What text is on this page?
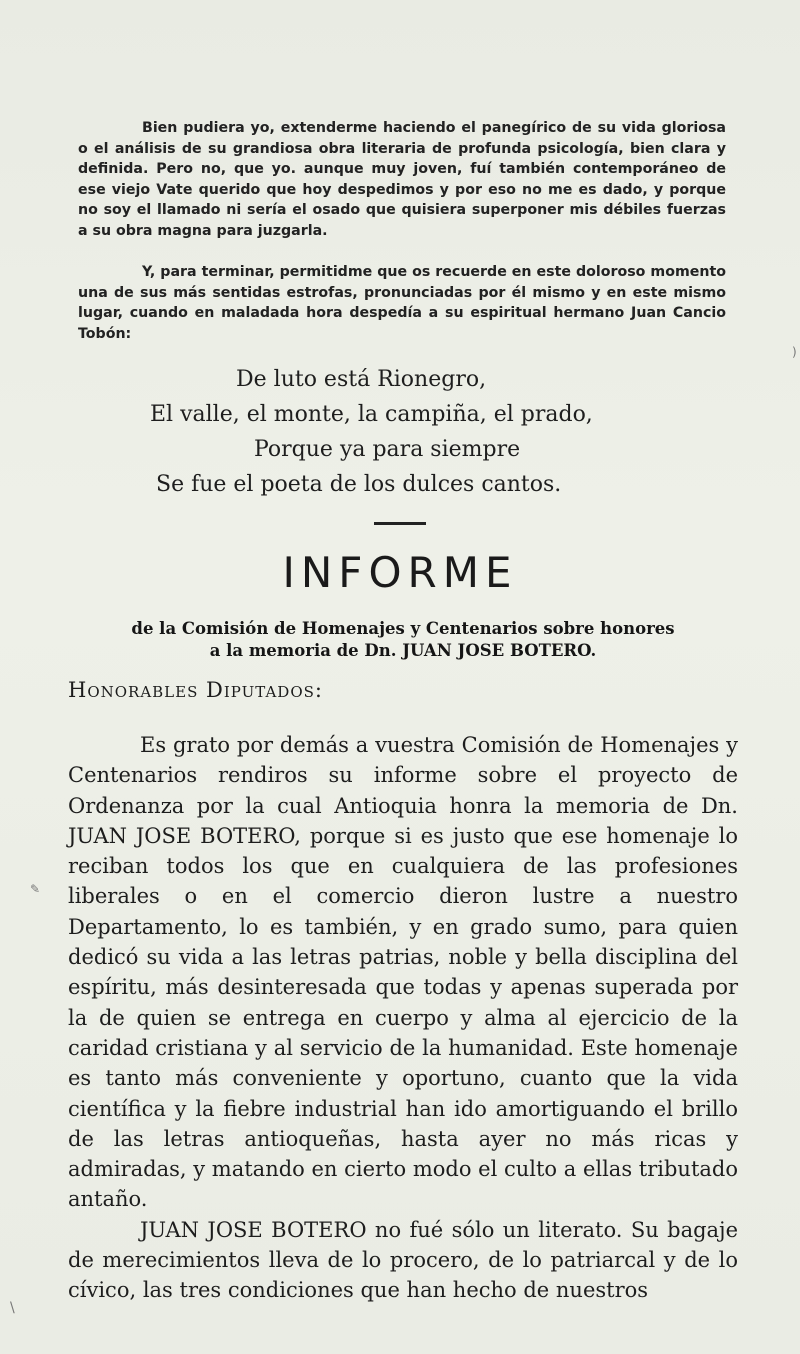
Bien pudiera yo, extenderme haciendo el panegírico de su vida gloriosa o el análisis de su grandiosa obra literaria de profunda psicología, bien clara y definida. Pero no, que yo. aunque muy joven, fuí también contemporáneo de ese viejo Vate querido que hoy despedimos y por eso no me es dado, y porque no soy el llamado ni sería el osado que quisiera superponer mis débiles fuerzas a su obra magna para juzgarla.

Y, para terminar, permitidme que os recuerde en este doloroso momento una de sus más sentidas estrofas, pronunciadas por él mismo y en este mismo lugar, cuando en maladada hora despedía a su espiritual hermano Juan Cancio Tobón:

De luto está Rionegro,
El valle, el monte, la campiña, el prado,
Porque ya para siempre
Se fue el poeta de los dulces cantos.
INFORME
de la Comisión de Homenajes y Centenarios sobre honores
a la memoria de Dn. JUAN JOSE BOTERO.
Honorables Diputados:

Es grato por demás a vuestra Comisión de Homenajes y Centenarios rendiros su informe sobre el proyecto de Ordenanza por la cual Antioquia honra la memoria de Dn. JUAN JOSE BOTERO, porque si es justo que ese homenaje lo reciban todos los que en cualquiera de las profesiones liberales o en el comercio dieron lustre a nuestro Departamento, lo es también, y en grado sumo, para quien dedicó su vida a las letras patrias, noble y bella disciplina del espíritu, más desinteresada que todas y apenas superada por la de quien se entrega en cuerpo y alma al ejercicio de la caridad cristiana y al servicio de la humanidad. Este homenaje es tanto más conveniente y oportuno, cuanto que la vida científica y la fiebre industrial han ido amortiguando el brillo de las letras antioqueñas, hasta ayer no más ricas y admiradas, y matando en cierto modo el culto a ellas tributado antaño.

JUAN JOSE BOTERO no fué sólo un literato. Su bagaje de merecimientos lleva de lo procero, de lo patriarcal y de lo cívico, las tres condiciones que han hecho de nuestros

)
✎
\
